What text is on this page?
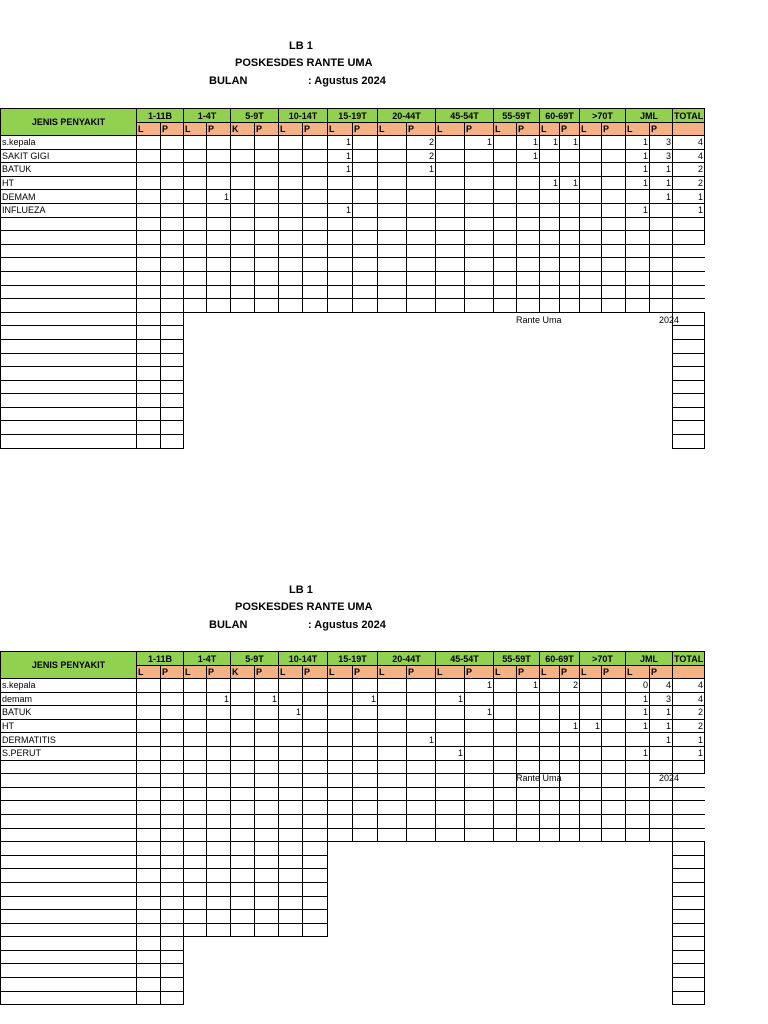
LB 1
POSKESDES RANTE UMA
BULAN	: Agustus 2024
JENIS PENYAKIT	1-11B		1-4T		5-9T		10-14T		15-19T		20-44T		45-54T		55-59T		60-69T		>70T		JML		TOTAL
	L	P	L	P	K	P	L	P	L	P	L	P	L	P	L	P	L	P	L	P	L	P	
s.kepala									1			2		1		1	1	1			1	3	4
SAKIT GIGI									1			2				1					1	3	4
BATUK									1			1									1	1	2
HT																	1	1			1	1	2
DEMAM				1																		1	1
INFLUEZA									1												1		1

Rante Uma	2024
LB 1
POSKESDES RANTE UMA
BULAN	: Agustus 2024
JENIS PENYAKIT	1-11B		1-4T		5-9T		10-14T		15-19T		20-44T		45-54T		55-59T		60-69T		>70T		JML		TOTAL
	L	P	L	P	K	P	L	P	L	P	L	P	L	P	L	P	L	P	L	P	L	P	
s.kepala														1		1		2			0	4	4
demam				1		1				1			1								1	3	4
BATUK							1							1							1	1	2
HT																		1	1		1	1	2
DERMATITIS												1										1	1
S.PERUT													1								1		1

Rante Uma	2024
